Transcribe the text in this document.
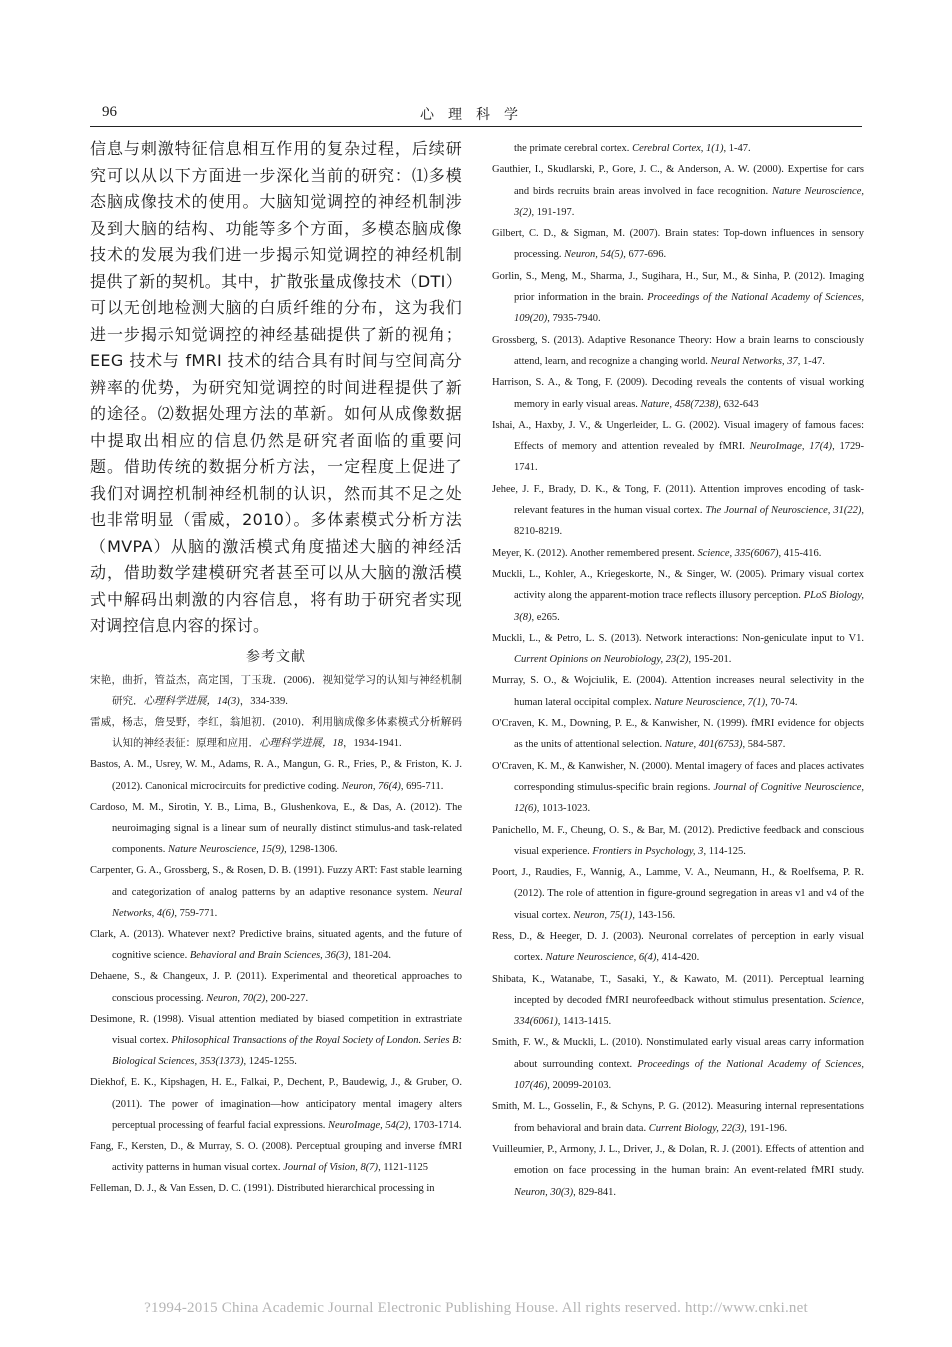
96	心理科学

信息与刺激特征信息相互作用的复杂过程，后续研究可以从以下方面进一步深化当前的研究：⑴多模态脑成像技术的使用。大脑知觉调控的神经机制涉及到大脑的结构、功能等多个方面，多模态脑成像技术的发展为我们进一步揭示知觉调控的神经机制提供了新的契机。其中，扩散张量成像技术（DTI）可以无创地检测大脑的白质纤维的分布，这为我们进一步揭示知觉调控的神经基础提供了新的视角；EEG 技术与 fMRI 技术的结合具有时间与空间高分辨率的优势，为研究知觉调控的时间进程提供了新的途径。⑵数据处理方法的革新。如何从成像数据中提取出相应的信息仍然是研究者面临的重要问题。借助传统的数据分析方法，一定程度上促进了我们对调控机制神经机制的认识，然而其不足之处也非常明显（雷威，2010）。多体素模式分析方法（MVPA）从脑的激活模式角度描述大脑的神经活动，借助数学建模研究者甚至可以从大脑的激活模式中解码出刺激的内容信息，将有助于研究者实现对调控信息内容的探讨。

参考文献

宋艳，曲折，管益杰，高定国，丁玉珑．(2006)．视知觉学习的认知与神经机制研究．心理科学进展，14(3)，334-339.

雷威，杨志，詹旻野，李红，翁旭初．(2010)．利用脑成像多体素模式分析解码认知的神经表征：原理和应用．心理科学进展，18，1934-1941.

Bastos, A. M., Usrey, W. M., Adams, R. A., Mangun, G. R., Fries, P., & Friston, K. J. (2012). Canonical microcircuits for predictive coding. Neuron, 76(4), 695-711.

Cardoso, M. M., Sirotin, Y. B., Lima, B., Glushenkova, E., & Das, A. (2012). The neuroimaging signal is a linear sum of neurally distinct stimulus-and task-related components. Nature Neuroscience, 15(9), 1298-1306.

Carpenter, G. A., Grossberg, S., & Rosen, D. B. (1991). Fuzzy ART: Fast stable learning and categorization of analog patterns by an adaptive resonance system. Neural Networks, 4(6), 759-771.

Clark, A. (2013). Whatever next? Predictive brains, situated agents, and the future of cognitive science. Behavioral and Brain Sciences, 36(3), 181-204.

Dehaene, S., & Changeux, J. P. (2011). Experimental and theoretical approaches to conscious processing. Neuron, 70(2), 200-227.

Desimone, R. (1998). Visual attention mediated by biased competition in extrastriate visual cortex. Philosophical Transactions of the Royal Society of London. Series B: Biological Sciences, 353(1373), 1245-1255.

Diekhof, E. K., Kipshagen, H. E., Falkai, P., Dechent, P., Baudewig, J., & Gruber, O. (2011). The power of imagination—how anticipatory mental imagery alters perceptual processing of fearful facial expressions. NeuroImage, 54(2), 1703-1714.

Fang, F., Kersten, D., & Murray, S. O. (2008). Perceptual grouping and inverse fMRI activity patterns in human visual cortex. Journal of Vision, 8(7), 1121-1125

Felleman, D. J., & Van Essen, D. C. (1991). Distributed hierarchical processing in

the primate cerebral cortex. Cerebral Cortex, 1(1), 1-47.

Gauthier, I., Skudlarski, P., Gore, J. C., & Anderson, A. W. (2000). Expertise for cars and birds recruits brain areas involved in face recognition. Nature Neuroscience, 3(2), 191-197.

Gilbert, C. D., & Sigman, M. (2007). Brain states: Top-down influences in sensory processing. Neuron, 54(5), 677-696.

Gorlin, S., Meng, M., Sharma, J., Sugihara, H., Sur, M., & Sinha, P. (2012). Imaging prior information in the brain. Proceedings of the National Academy of Sciences, 109(20), 7935-7940.

Grossberg, S. (2013). Adaptive Resonance Theory: How a brain learns to consciously attend, learn, and recognize a changing world. Neural Networks, 37, 1-47.

Harrison, S. A., & Tong, F. (2009). Decoding reveals the contents of visual working memory in early visual areas. Nature, 458(7238), 632-643

Ishai, A., Haxby, J. V., & Ungerleider, L. G. (2002). Visual imagery of famous faces: Effects of memory and attention revealed by fMRI. NeuroImage, 17(4), 1729-1741.

Jehee, J. F., Brady, D. K., & Tong, F. (2011). Attention improves encoding of task-relevant features in the human visual cortex. The Journal of Neuroscience, 31(22), 8210-8219.

Meyer, K. (2012). Another remembered present. Science, 335(6067), 415-416.

Muckli, L., Kohler, A., Kriegeskorte, N., & Singer, W. (2005). Primary visual cortex activity along the apparent-motion trace reflects illusory perception. PLoS Biology, 3(8), e265.

Muckli, L., & Petro, L. S. (2013). Network interactions: Non-geniculate input to V1. Current Opinions on Neurobiology, 23(2), 195-201.

Murray, S. O., & Wojciulik, E. (2004). Attention increases neural selectivity in the human lateral occipital complex. Nature Neuroscience, 7(1), 70-74.

O'Craven, K. M., Downing, P. E., & Kanwisher, N. (1999). fMRI evidence for objects as the units of attentional selection. Nature, 401(6753), 584-587.

O'Craven, K. M., & Kanwisher, N. (2000). Mental imagery of faces and places activates corresponding stimulus-specific brain regions. Journal of Cognitive Neuroscience, 12(6), 1013-1023.

Panichello, M. F., Cheung, O. S., & Bar, M. (2012). Predictive feedback and conscious visual experience. Frontiers in Psychology, 3, 114-125.

Poort, J., Raudies, F., Wannig, A., Lamme, V. A., Neumann, H., & Roelfsema, P. R. (2012). The role of attention in figure-ground segregation in areas v1 and v4 of the visual cortex. Neuron, 75(1), 143-156.

Ress, D., & Heeger, D. J. (2003). Neuronal correlates of perception in early visual cortex. Nature Neuroscience, 6(4), 414-420.

Shibata, K., Watanabe, T., Sasaki, Y., & Kawato, M. (2011). Perceptual learning incepted by decoded fMRI neurofeedback without stimulus presentation. Science, 334(6061), 1413-1415.

Smith, F. W., & Muckli, L. (2010). Nonstimulated early visual areas carry information about surrounding context. Proceedings of the National Academy of Sciences, 107(46), 20099-20103.

Smith, M. L., Gosselin, F., & Schyns, P. G. (2012). Measuring internal representations from behavioral and brain data. Current Biology, 22(3), 191-196.

Vuilleumier, P., Armony, J. L., Driver, J., & Dolan, R. J. (2001). Effects of attention and emotion on face processing in the human brain: An event-related fMRI study. Neuron, 30(3), 829-841.

?1994-2015 China Academic Journal Electronic Publishing House. All rights reserved. http://www.cnki.net
